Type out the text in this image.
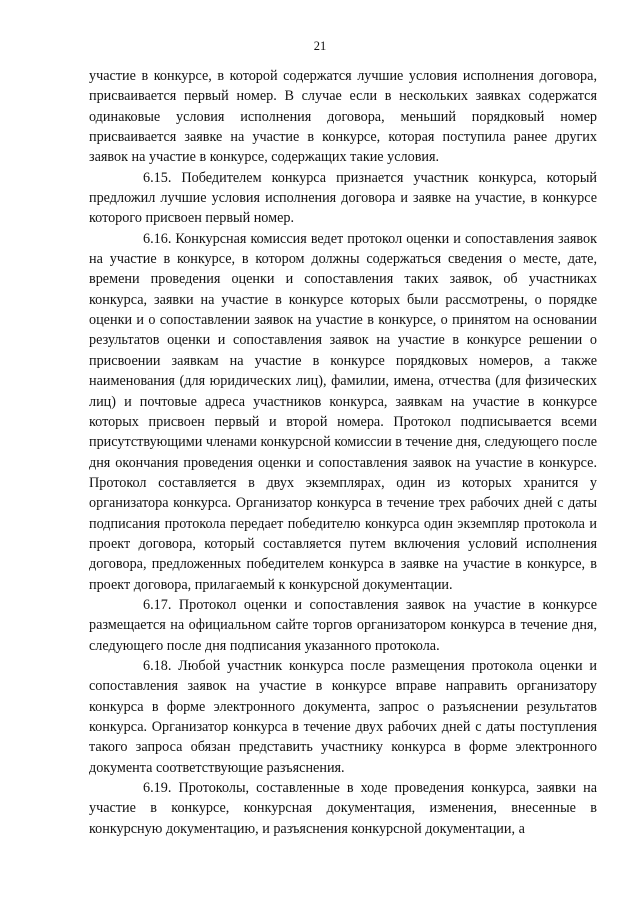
21

участие в конкурсе, в которой содержатся лучшие условия исполнения договора, присваивается первый номер. В случае если в нескольких заявках содержатся одинаковые условия исполнения договора, меньший порядковый номер присваивается заявке на участие в конкурсе, которая поступила ранее других заявок на участие в конкурсе, содержащих такие условия.

6.15. Победителем конкурса признается участник конкурса, который предложил лучшие условия исполнения договора и заявке на участие, в конкурсе которого присвоен первый номер.

6.16. Конкурсная комиссия ведет протокол оценки и сопоставления заявок на участие в конкурсе, в котором должны содержаться сведения о месте, дате, времени проведения оценки и сопоставления таких заявок, об участниках конкурса, заявки на участие в конкурсе которых были рассмотрены, о порядке оценки и о сопоставлении заявок на участие в конкурсе, о принятом на основании результатов оценки и сопоставления заявок на участие в конкурсе решении о присвоении заявкам на участие в конкурсе порядковых номеров, а также наименования (для юридических лиц), фамилии, имена, отчества (для физических лиц) и почтовые адреса участников конкурса, заявкам на участие в конкурсе которых присвоен первый и второй номера. Протокол подписывается всеми присутствующими членами конкурсной комиссии в течение дня, следующего после дня окончания проведения оценки и сопоставления заявок на участие в конкурсе. Протокол составляется в двух экземплярах, один из которых хранится у организатора конкурса. Организатор конкурса в течение трех рабочих дней с даты подписания протокола передает победителю конкурса один экземпляр протокола и проект договора, который составляется путем включения условий исполнения договора, предложенных победителем конкурса в заявке на участие в конкурсе, в проект договора, прилагаемый к конкурсной документации.

6.17. Протокол оценки и сопоставления заявок на участие в конкурсе размещается на официальном сайте торгов организатором конкурса в течение дня, следующего после дня подписания указанного протокола.

6.18. Любой участник конкурса после размещения протокола оценки и сопоставления заявок на участие в конкурсе вправе направить организатору конкурса в форме электронного документа, запрос о разъяснении результатов конкурса. Организатор конкурса в течение двух рабочих дней с даты поступления такого запроса обязан представить участнику конкурса в форме электронного документа соответствующие разъяснения.

6.19. Протоколы, составленные в ходе проведения конкурса, заявки на участие в конкурсе, конкурсная документация, изменения, внесенные в конкурсную документацию, и разъяснения конкурсной документации, а
